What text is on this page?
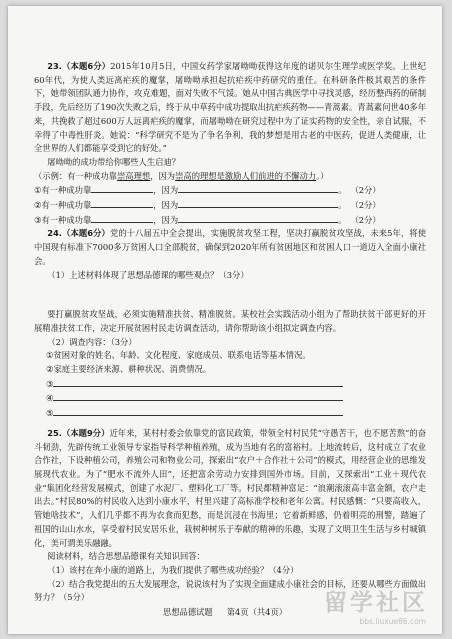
23.（本题6分）2015年10月5日，中国女药学家屠呦呦获得这年度的诺贝尔生理学或医学奖。上世纪60年代，为使人类远离疟疾的魔掌，屠呦呦承担起抗疟疾中药研究的重任。在科研条件极其艰苦的条件下，她带领团队通力协作，攻克难题，面对失败不气馁。她从中国古典医学中寻找灵感，经历整西药的研制手段，先后经历了190次失败之后，终于从中草药中成功提取出抗疟疾药物——青蒿素。青蒿素问世40多年来，共挽救了超过600万人远离疟疾的魔掌，而屠呦呦在研究过程中为了证实药物的安全性，亲自试服，不幸得了中毒性肝炎。她说：“科学研究不是为了争名争利，我的梦想是用古老的中医药，促进人类健康，让全世界的人们都能享受到它的好处。”

屠呦呦的成功带给你哪些人生启迪？

（示例：有一种成功靠崇高理想，因为崇高的理想是激励人们前进的不懈动力。）

① 有一种成功靠	，因为	。 （2分）
② 有一种成功靠	，因为	。 （2分）
③ 有一种成功靠	，因为	。 （2分）

24.（本题6分）党的十八届五中全会提出，实施脱贫攻坚工程，坚决打赢脱贫攻坚战，未来5年，将使中国现有标准下7000多万贫困人口全部脱贫，确保到2020年所有贫困地区和贫困人口一道迈入全面小康社会。

（1）上述材料体现了思想品德课的哪些观点？（3分）

要打赢脱贫攻坚战，必须实施精准扶贫、精准脱贫。某校社会实践活动小组为了帮助扶贫干部更好的开展精准扶贫工作，决定开展贫困村民走访调查活动，请你帮助该小组拟定调查内容。

（2）调查内容：（3分）

① 贫困对象的姓名、年龄、文化程度、家庭成员、联系电话等基本情况。
② 家庭主要经济来源、耕种状况、消费情况。
③
④
⑤

25.（本题9分）近年来，某村村委会依靠党的富民政策，带领全村村民凭“守愚苦干，也不愿苦熬”的奋斗韧劲，先辟传统工业领导专家指导科学种植养殖，成为当地有名的富裕村。上地流转后，这村成立了农业合作社，下设种植公司，养殖公司和物业公司，探索出“农户＋合作社＋公司”的模式，用经营企业的思维发展现代农业。为了“肥水不流外人田”，还把富余劳动力安排到国外市场。目前，又探索出“工业＋现代农业”集团化经营发展模式，创建了水泥厂、塑料化工厂等。村民都精神富足：“浪潮滚滚高丰富金额，农户走出去。”村民80%的村民收入达到小康水平，村里兴建了高标准学校和老年公寓。村民感慨：“只要高收入，管她啥技术”，人们几乎都不再为衣食而犯愁，而是沉浸在书海里；它着新鲜感，仍着明亮的刑警，踏遍了祖国的山山水水，享受着村民安居乐业，栽树种树乐于奉献的精神的乐趣，实现了文明卫生生活与乡村城镇化，美可谓美乐融融。

阅读材料，结合思想品德课有关知识回答：

（1）该村在奔小康的道路上，为我们提供了哪些成功经验？（4分）

（2）结合我党提出的五大发展理念，说说该村为了实现全面建成小康社会的目标，还要从哪些方面做出努力？（5分）

思想品德试题 第4页（共4页）	留学社区
bbs.liuxue86.com
